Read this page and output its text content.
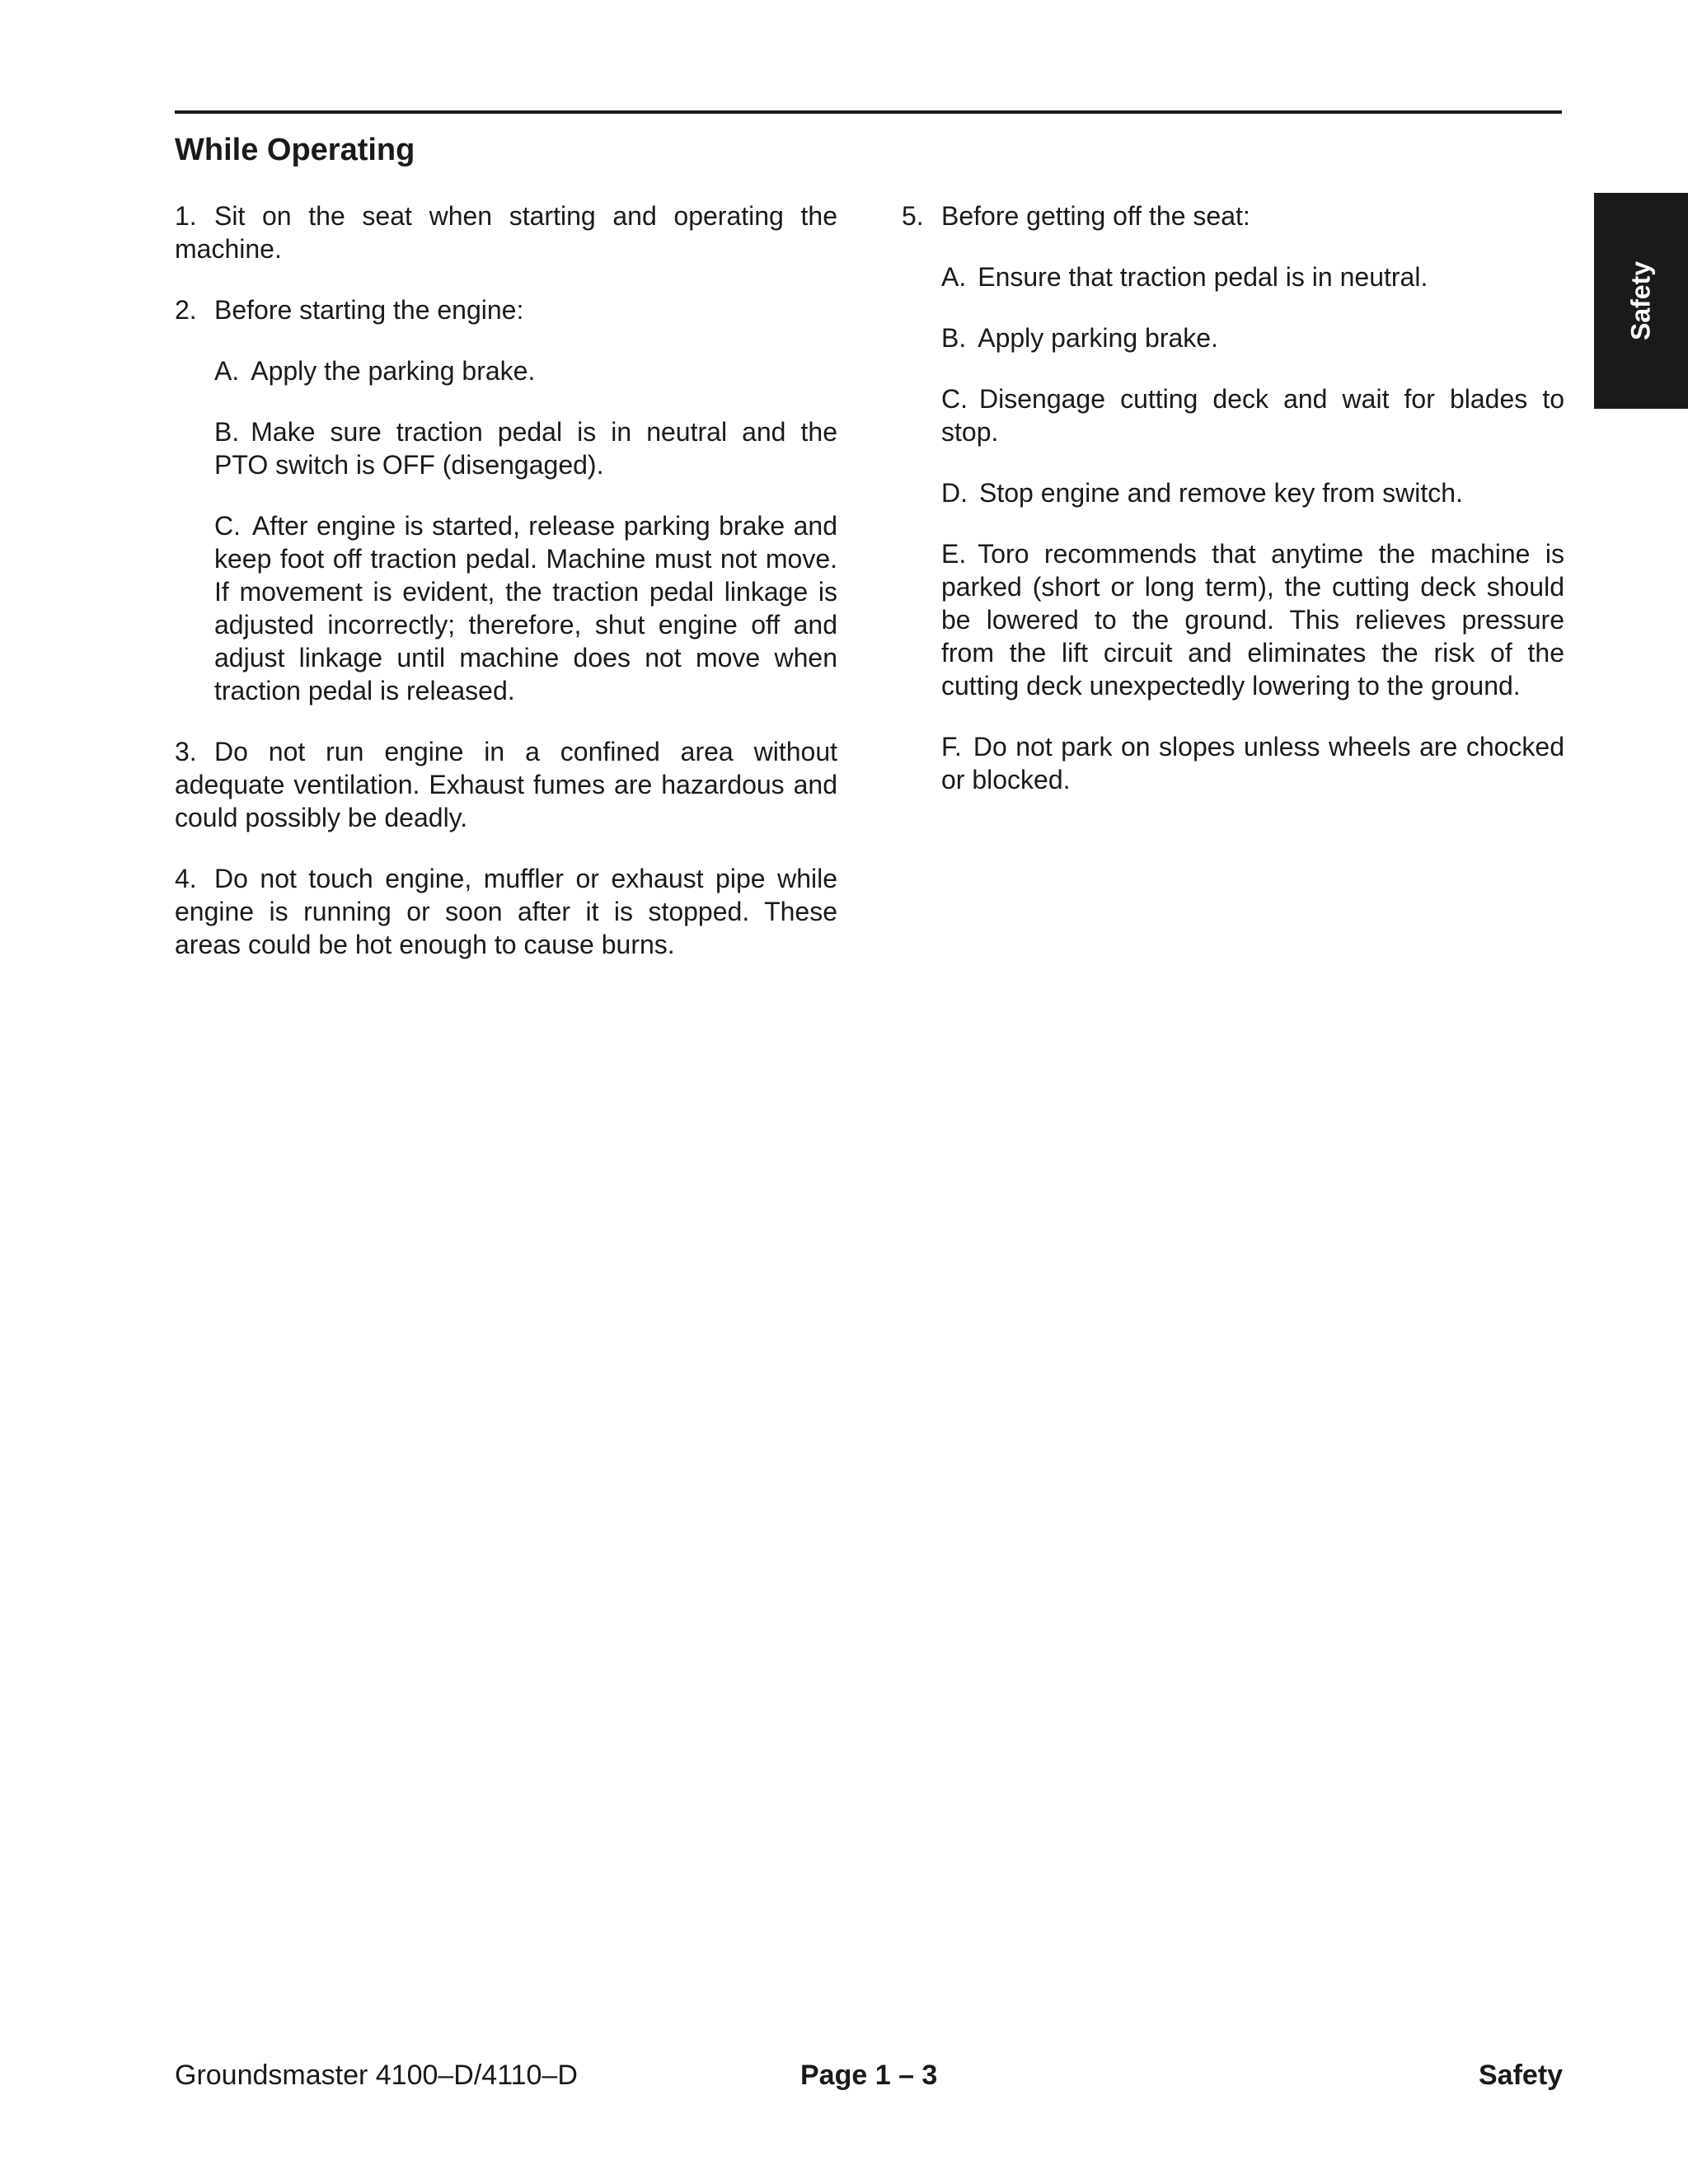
While Operating
Safety

1. Sit on the seat when starting and operating the machine.

2. Before starting the engine:

A. Apply the parking brake.

B. Make sure traction pedal is in neutral and the PTO switch is OFF (disengaged).

C. After engine is started, release parking brake and keep foot off traction pedal. Machine must not move. If movement is evident, the traction pedal linkage is adjusted incorrectly; therefore, shut engine off and adjust linkage until machine does not move when traction pedal is released.

3. Do not run engine in a confined area without adequate ventilation. Exhaust fumes are hazardous and could possibly be deadly.

4. Do not touch engine, muffler or exhaust pipe while engine is running or soon after it is stopped. These areas could be hot enough to cause burns.

5. Before getting off the seat:

A. Ensure that traction pedal is in neutral.

B. Apply parking brake.

C. Disengage cutting deck and wait for blades to stop.

D. Stop engine and remove key from switch.

E. Toro recommends that anytime the machine is parked (short or long term), the cutting deck should be lowered to the ground. This relieves pressure from the lift circuit and eliminates the risk of the cutting deck unexpectedly lowering to the ground.

F. Do not park on slopes unless wheels are chocked or blocked.

Groundsmaster 4100–D/4110–D	Page 1 – 3	Safety
